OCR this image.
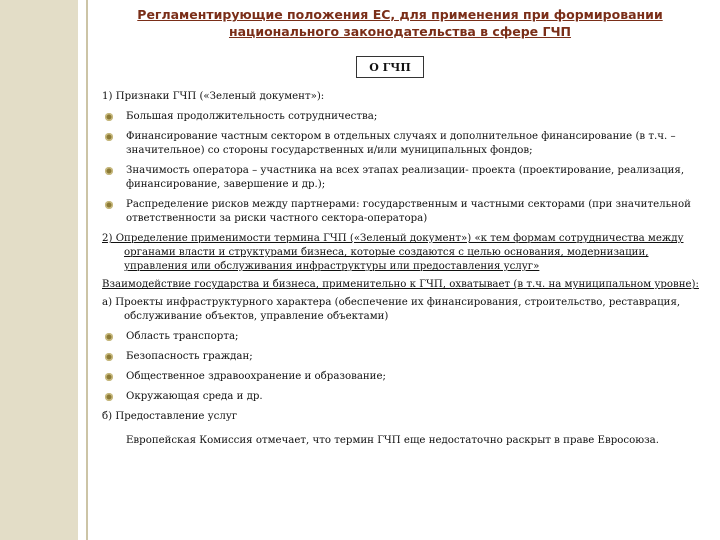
Регламентирующие положения ЕС, для применения при формировании национального законодательства в сфере ГЧП
О ГЧП
1) Признаки ГЧП («Зеленый документ»):
Большая продолжительность сотрудничества;
Финансирование частным сектором в отдельных случаях и дополнительное финансирование (в т.ч. – значительное) со стороны государственных и/или муниципальных фондов;
Значимость оператора – участника на всех этапах реализации- проекта (проектирование, реализация, финансирование, завершение и др.);
Распределение рисков между партнерами: государственным и частными секторами (при значительной ответственности за риски частного сектора-оператора)
2) Определение применимости термина ГЧП («Зеленый документ») «к тем формам сотрудничества между органами власти и структурами бизнеса, которые создаются с целью основания, модернизации, управления или обслуживания инфраструктуры или предоставления услуг»
Взаимодействие государства и бизнеса, применительно к ГЧП, охватывает (в т.ч. на муниципальном уровне):
а) Проекты инфраструктурного характера (обеспечение их финансирования, строительство, реставрация, обслуживание объектов, управление объектами)
Область транспорта;
Безопасность граждан;
Общественное здравоохранение и образование;
Окружающая среда и др.
б) Предоставление услуг
Европейская Комиссия отмечает, что термин ГЧП еще недостаточно раскрыт в праве Евросоюза.
